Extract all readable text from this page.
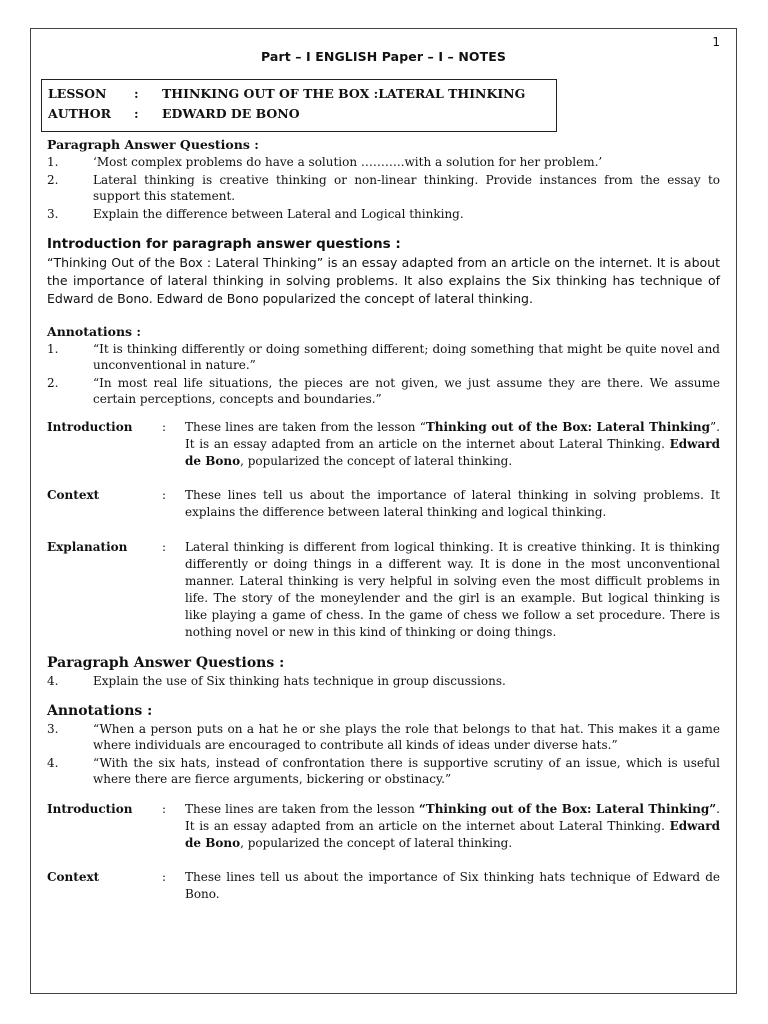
1
Part – I ENGLISH Paper – I – NOTES
LESSON : THINKING OUT OF THE BOX :LATERAL THINKING
AUTHOR : EDWARD DE BONO

Paragraph Answer Questions :

1.	‘Most complex problems do have a solution ………..with a solution for her problem.’
2.	Lateral thinking is creative thinking or non-linear thinking. Provide instances from the essay to support this statement.
3.	Explain the difference between Lateral and Logical thinking.

Introduction for paragraph answer questions :

“Thinking Out of the Box : Lateral Thinking” is an essay adapted from an article on the internet. It is about the importance of lateral thinking in solving problems. It also explains the Six thinking has technique of Edward de Bono. Edward de Bono popularized the concept of lateral thinking.

Annotations :

1.	“It is thinking differently or doing something different; doing something that might be quite novel and unconventional in nature.”
2.	“In most real life situations, the pieces are not given, we just assume they are there. We assume certain perceptions, concepts and boundaries.”
Introduction : These lines are taken from the lesson “Thinking out of the Box: Lateral Thinking”. It is an essay adapted from an article on the internet about Lateral Thinking. Edward de Bono, popularized the concept of lateral thinking.
Context	: These lines tell us about the importance of lateral thinking in solving problems. It explains the difference between lateral thinking and logical thinking.
Explanation	: Lateral thinking is different from logical thinking. It is creative thinking. It is thinking differently or doing things in a different way. It is done in the most unconventional manner. Lateral thinking is very helpful in solving even the most difficult problems in life. The story of the moneylender and the girl is an example. But logical thinking is like playing a game of chess. In the game of chess we follow a set procedure. There is nothing novel or new in this kind of thinking or doing things.

Paragraph Answer Questions :

4.	Explain the use of Six thinking hats technique in group discussions.

Annotations :

3.	“When a person puts on a hat he or she plays the role that belongs to that hat. This makes it a game where individuals are encouraged to contribute all kinds of ideas under diverse hats.”
4.	“With the six hats, instead of confrontation there is supportive scrutiny of an issue, which is useful where there are fierce arguments, bickering or obstinacy.”
Introduction : These lines are taken from the lesson “Thinking out of the Box: Lateral Thinking”. It is an essay adapted from an article on the internet about Lateral Thinking. Edward de Bono, popularized the concept of lateral thinking.
Context	: These lines tell us about the importance of Six thinking hats technique of Edward de Bono.
